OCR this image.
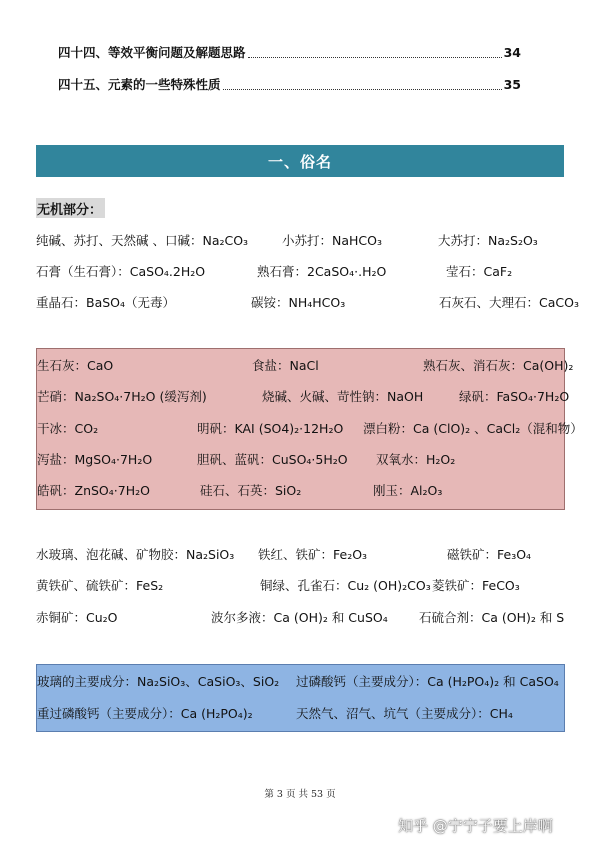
四十四、等效平衡问题及解题思路	34
四十五、元素的一些特殊性质	35
一、俗名
无机部分：
纯碱、苏打、天然碱 、口碱：Na₂CO₃	小苏打：NaHCO₃	大苏打：Na₂S₂O₃
石膏（生石膏）：CaSO₄.2H₂O	熟石膏：2CaSO₄·.H₂O	莹石：CaF₂
重晶石：BaSO₄（无毒）	碳铵：NH₄HCO₃	石灰石、大理石：CaCO₃
生石灰：CaO	食盐：NaCl	熟石灰、消石灰：Ca(OH)₂
芒硝：Na₂SO₄·7H₂O (缓泻剂)	烧碱、火碱、苛性钠：NaOH	绿矾：FaSO₄·7H₂O
干冰：CO₂	明矾：KAI (SO4)₂·12H₂O 漂白粉：Ca (ClO)₂ 、CaCl₂（混和物）
泻盐：MgSO₄·7H₂O	胆矾、蓝矾：CuSO₄·5H₂O 双氧水：H₂O₂
皓矾：ZnSO₄·7H₂O	硅石、石英：SiO₂	刚玉：Al₂O₃
水玻璃、泡花碱、矿物胶：Na₂SiO₃ 铁红、铁矿：Fe₂O₃	磁铁矿：Fe₃O₄
黄铁矿、硫铁矿：FeS₂	铜绿、孔雀石：Cu₂ (OH)₂CO₃ 菱铁矿：FeCO₃
赤铜矿：Cu₂O	波尔多液：Ca (OH)₂ 和 CuSO₄	石硫合剂：Ca (OH)₂ 和 S
玻璃的主要成分：Na₂SiO₃、CaSiO₃、SiO₂ 过磷酸钙（主要成分）：Ca (H₂PO₄)₂ 和 CaSO₄
重过磷酸钙（主要成分）：Ca (H₂PO₄)₂	天然气、沼气、坑气（主要成分）：CH₄
第 3 页 共 53 页
知乎 @宁宁子要上岸啊
